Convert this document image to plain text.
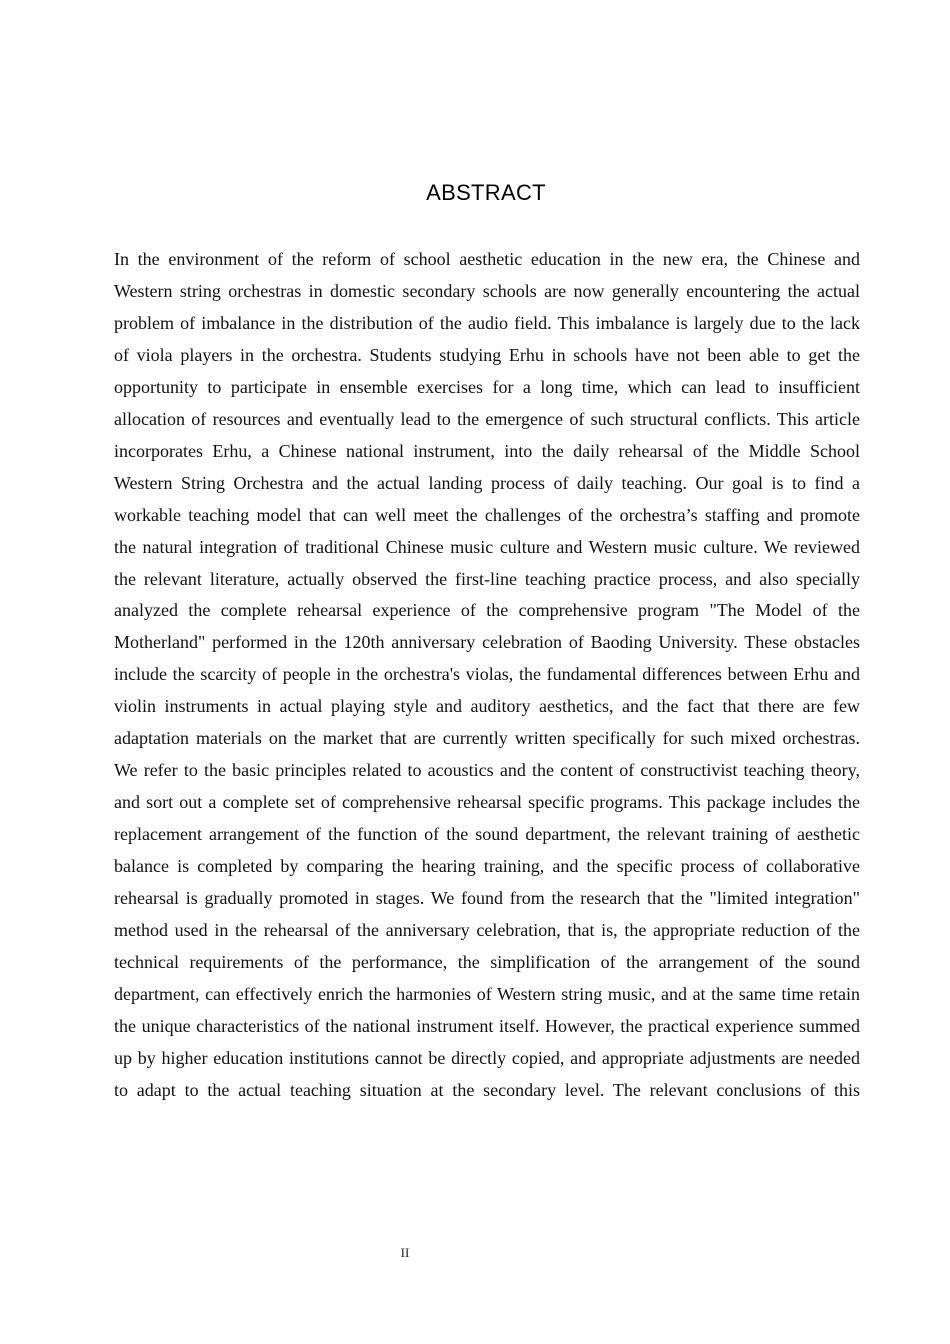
ABSTRACT

In the environment of the reform of school aesthetic education in the new era, the Chinese and Western string orchestras in domestic secondary schools are now generally encountering the actual problem of imbalance in the distribution of the audio field. This imbalance is largely due to the lack of viola players in the orchestra. Students studying Erhu in schools have not been able to get the opportunity to participate in ensemble exercises for a long time, which can lead to insufficient allocation of resources and eventually lead to the emergence of such structural conflicts. This article incorporates Erhu, a Chinese national instrument, into the daily rehearsal of the Middle School Western String Orchestra and the actual landing process of daily teaching. Our goal is to find a workable teaching model that can well meet the challenges of the orchestra’s staffing and promote the natural integration of traditional Chinese music culture and Western music culture. We reviewed the relevant literature, actually observed the first-line teaching practice process, and also specially analyzed the complete rehearsal experience of the comprehensive program "The Model of the Motherland" performed in the 120th anniversary celebration of Baoding University. These obstacles include the scarcity of people in the orchestra's violas, the fundamental differences between Erhu and violin instruments in actual playing style and auditory aesthetics, and the fact that there are few adaptation materials on the market that are currently written specifically for such mixed orchestras. We refer to the basic principles related to acoustics and the content of constructivist teaching theory, and sort out a complete set of comprehensive rehearsal specific programs. This package includes the replacement arrangement of the function of the sound department, the relevant training of aesthetic balance is completed by comparing the hearing training, and the specific process of collaborative rehearsal is gradually promoted in stages. We found from the research that the "limited integration" method used in the rehearsal of the anniversary celebration, that is, the appropriate reduction of the technical requirements of the performance, the simplification of the arrangement of the sound department, can effectively enrich the harmonies of Western string music, and at the same time retain the unique characteristics of the national instrument itself. However, the practical experience summed up by higher education institutions cannot be directly copied, and appropriate adjustments are needed to adapt to the actual teaching situation at the secondary level. The relevant conclusions of this

II
